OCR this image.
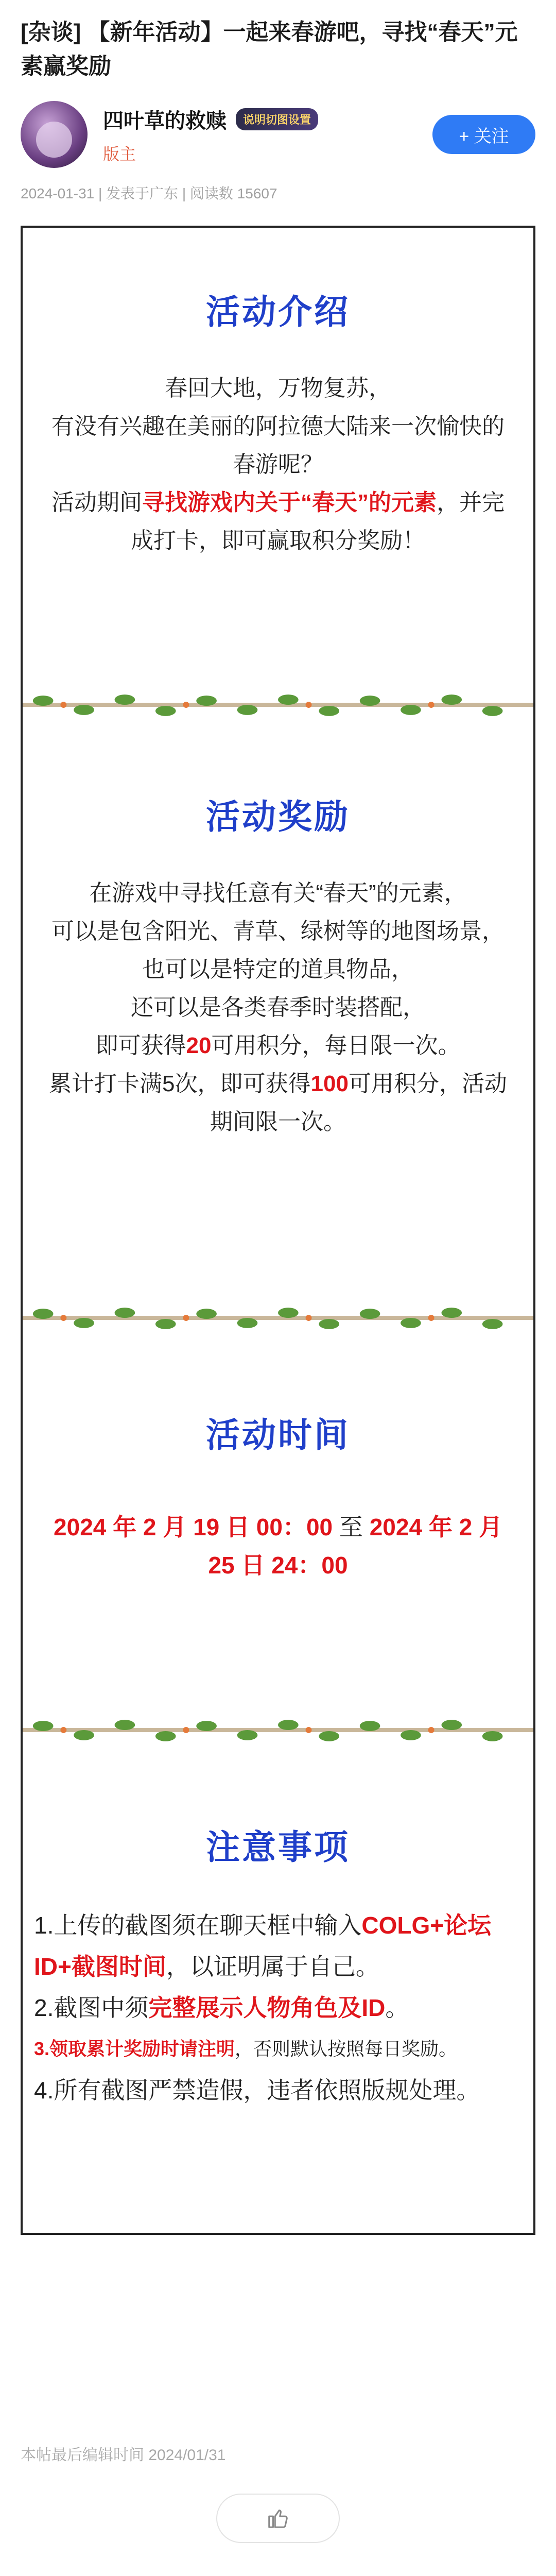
[杂谈] 【新年活动】一起来春游吧，寻找“春天”元素赢奖励
四叶草的救赎	说明切图设置
版主
+ 关注
2024-01-31 | 发表于广东 | 阅读数 15607
活动介绍
春回大地，万物复苏，
有没有兴趣在美丽的阿拉德大陆来一次愉快的春游呢？
活动期间寻找游戏内关于“春天”的元素，并完成打卡，即可赢取积分奖励！
活动奖励
在游戏中寻找任意有关“春天”的元素，
可以是包含阳光、青草、绿树等的地图场景，
也可以是特定的道具物品，
还可以是各类春季时装搭配，
即可获得20可用积分，每日限一次。
累计打卡满5次，即可获得100可用积分，活动期间限一次。
活动时间
2024 年 2 月 19 日 00：00 至 2024 年 2 月 25 日 24：00
注意事项
1.上传的截图须在聊天框中输入COLG+论坛ID+截图时间，以证明属于自己。
2.截图中须完整展示人物角色及ID。
3.领取累计奖励时请注明，否则默认按照每日奖励。
4.所有截图严禁造假，违者依照版规处理。
本帖最后编辑时间 2024/01/31
